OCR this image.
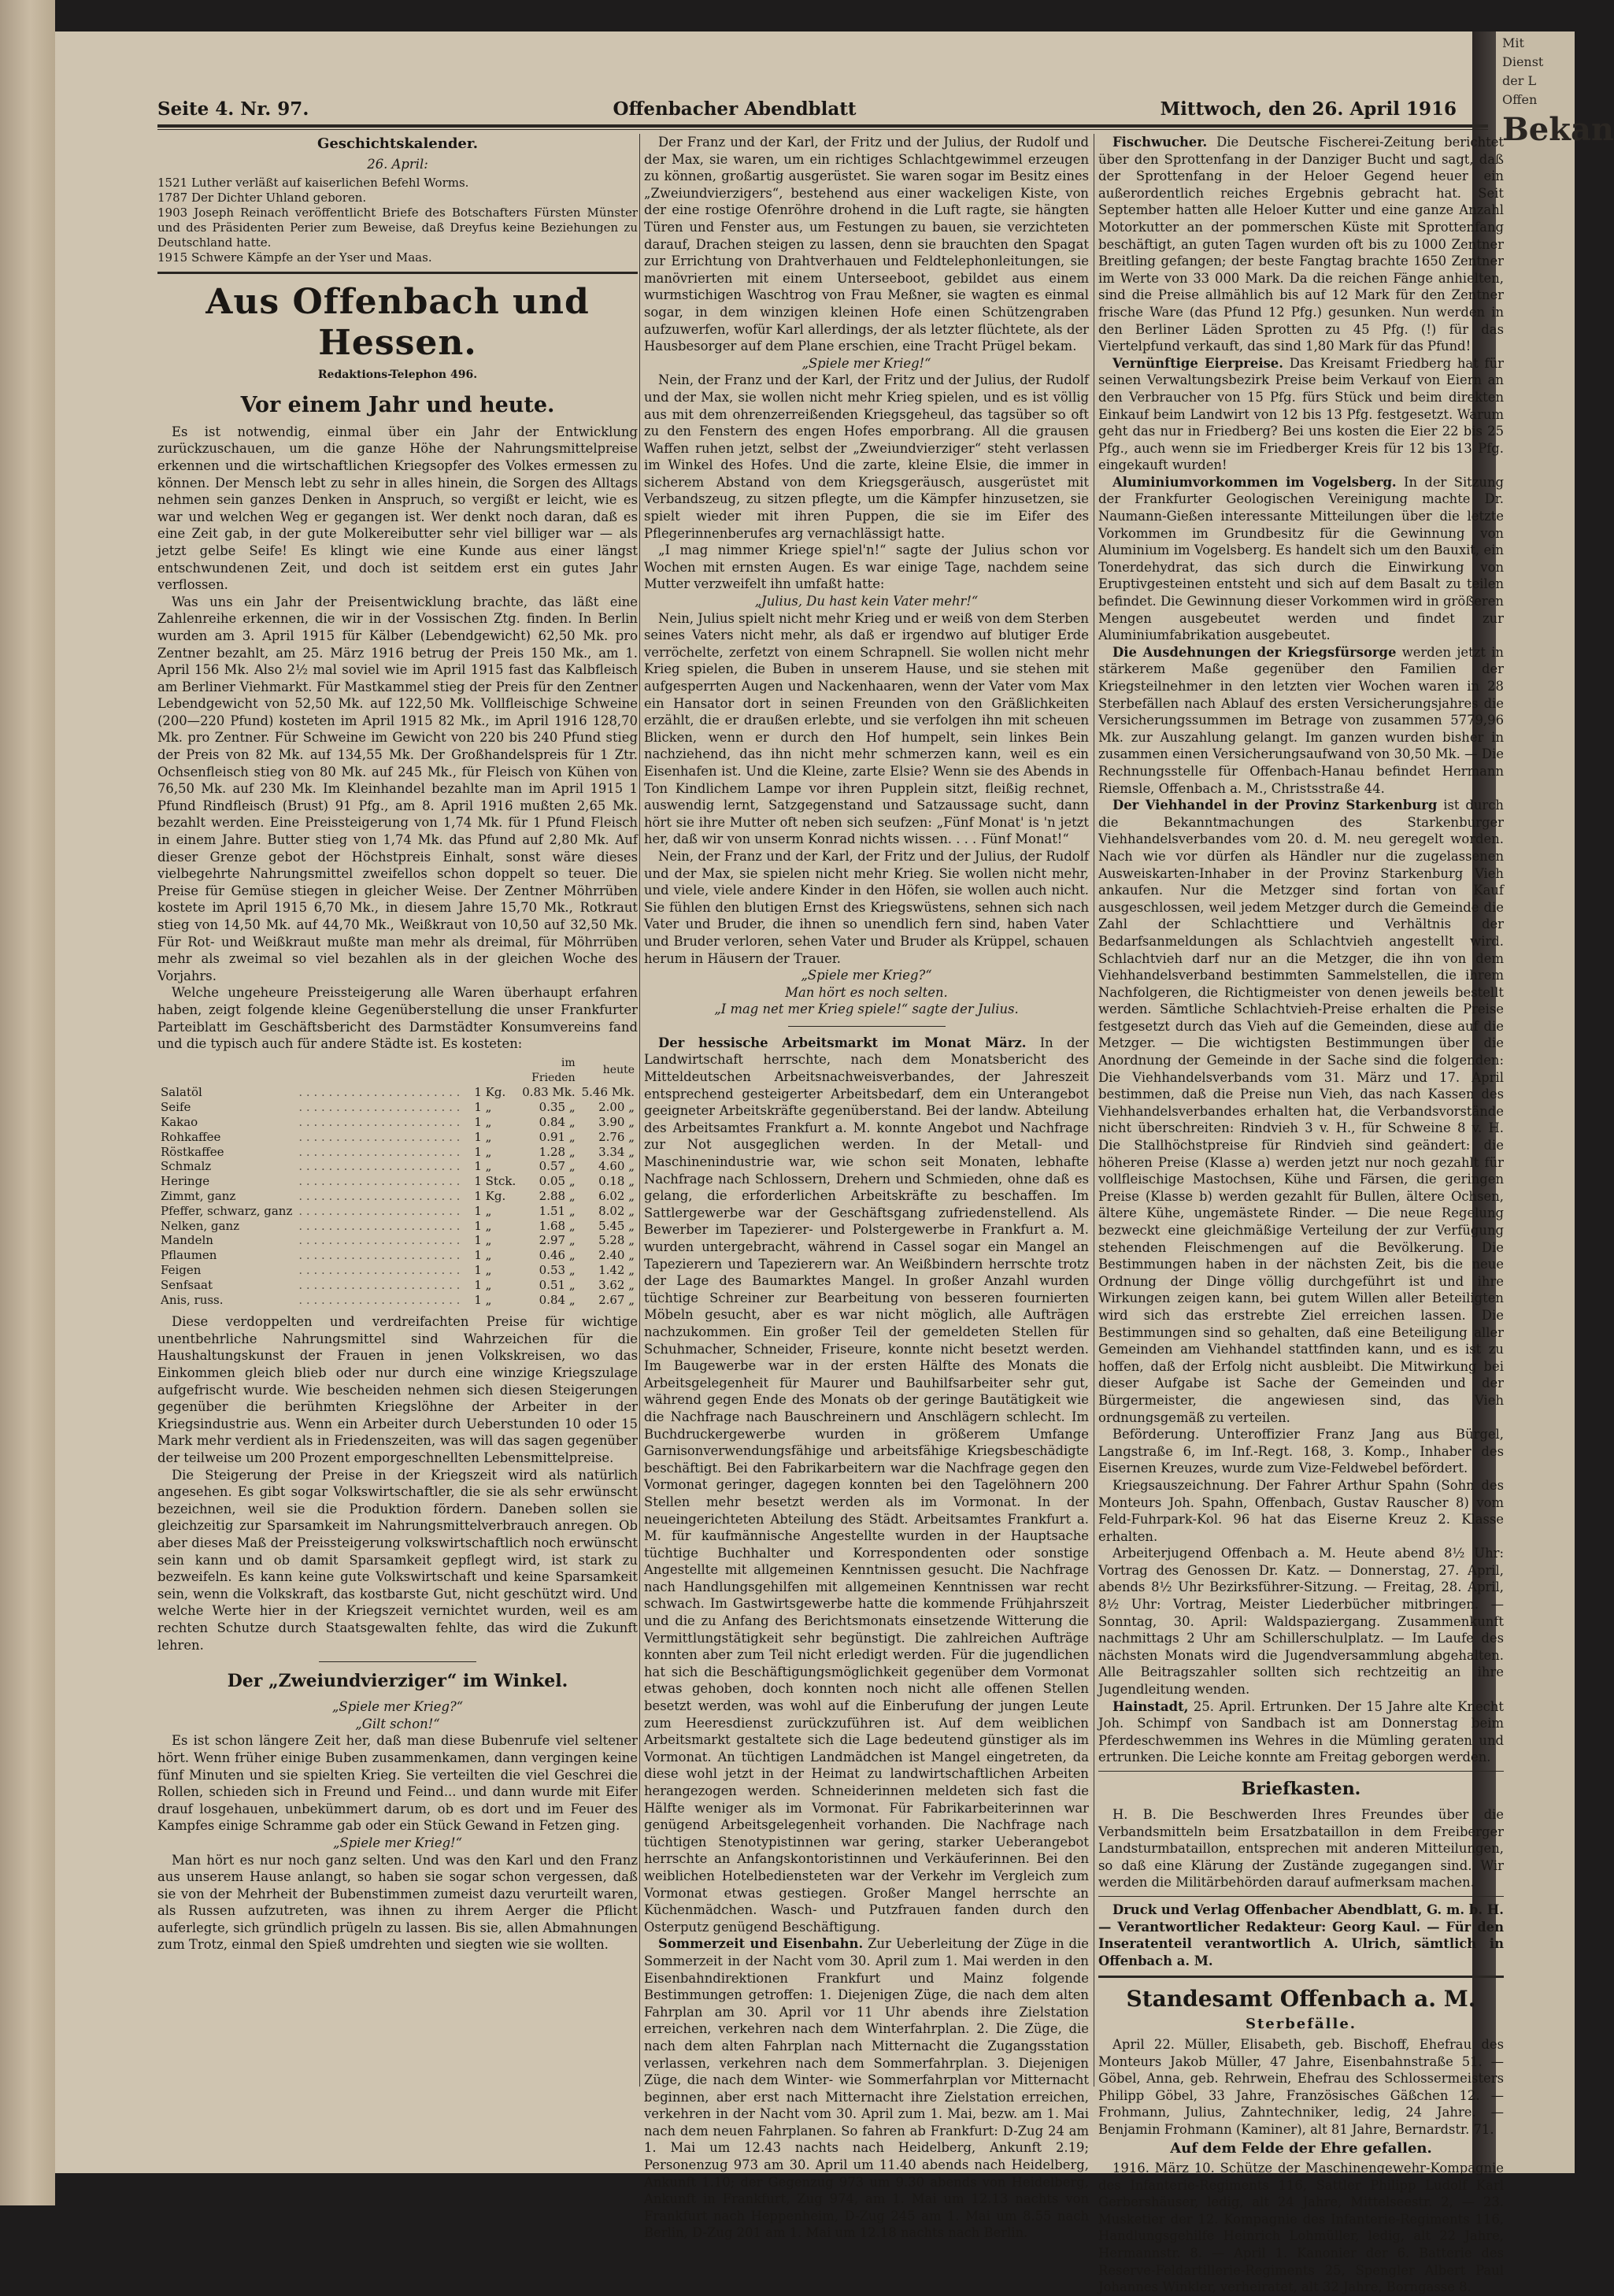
Mit
Dienst
der L
Offen
Bekan
Seite 4. Nr. 97.	Offenbacher Abendblatt	Mittwoch, den 26. April 1916
Geschichtskalender.
26. April:

1521 Luther verläßt auf kaiserlichen Befehl Worms.

1787 Der Dichter Uhland geboren.

1903 Joseph Reinach veröffentlicht Briefe des Botschafters Fürsten Münster und des Präsidenten Perier zum Beweise, daß Dreyfus keine Beziehungen zu Deutschland hatte.

1915 Schwere Kämpfe an der Yser und Maas.

Aus Offenbach und Hessen.
Redaktions-Telephon 496.
Vor einem Jahr und heute.

Es ist notwendig, einmal über ein Jahr der Entwicklung zurückzuschauen, um die ganze Höhe der Nahrungsmittelpreise erkennen und die wirtschaftlichen Kriegsopfer des Volkes ermessen zu können. Der Mensch lebt zu sehr in alles hinein, die Sorgen des Alltags nehmen sein ganzes Denken in Anspruch, so vergißt er leicht, wie es war und welchen Weg er gegangen ist. Wer denkt noch daran, daß es eine Zeit gab, in der gute Molkereibutter sehr viel billiger war — als jetzt gelbe Seife! Es klingt wie eine Kunde aus einer längst entschwundenen Zeit, und doch ist seitdem erst ein gutes Jahr verflossen.

Was uns ein Jahr der Preisentwicklung brachte, das läßt eine Zahlenreihe erkennen, die wir in der Vossischen Ztg. finden. In Berlin wurden am 3. April 1915 für Kälber (Lebendgewicht) 62,50 Mk. pro Zentner bezahlt, am 25. März 1916 betrug der Preis 150 Mk., am 1. April 156 Mk. Also 2½ mal soviel wie im April 1915 fast das Kalbfleisch am Berliner Viehmarkt. Für Mastkammel stieg der Preis für den Zentner Lebendgewicht von 52,50 Mk. auf 122,50 Mk. Vollfleischige Schweine (200—220 Pfund) kosteten im April 1915 82 Mk., im April 1916 128,70 Mk. pro Zentner. Für Schweine im Gewicht von 220 bis 240 Pfund stieg der Preis von 82 Mk. auf 134,55 Mk. Der Großhandelspreis für 1 Ztr. Ochsenfleisch stieg von 80 Mk. auf 245 Mk., für Fleisch von Kühen von 76,50 Mk. auf 230 Mk. Im Kleinhandel bezahlte man im April 1915 1 Pfund Rindfleisch (Brust) 91 Pfg., am 8. April 1916 mußten 2,65 Mk. bezahlt werden. Eine Preissteigerung von 1,74 Mk. für 1 Pfund Fleisch in einem Jahre. Butter stieg von 1,74 Mk. das Pfund auf 2,80 Mk. Auf dieser Grenze gebot der Höchstpreis Einhalt, sonst wäre dieses vielbegehrte Nahrungsmittel zweifellos schon doppelt so teuer. Die Preise für Gemüse stiegen in gleicher Weise. Der Zentner Möhrrüben kostete im April 1915 6,70 Mk., in diesem Jahre 15,70 Mk., Rotkraut stieg von 14,50 Mk. auf 44,70 Mk., Weißkraut von 10,50 auf 32,50 Mk. Für Rot- und Weißkraut mußte man mehr als dreimal, für Möhrrüben mehr als zweimal so viel bezahlen als in der gleichen Woche des Vorjahrs.

Welche ungeheure Preissteigerung alle Waren überhaupt erfahren haben, zeigt folgende kleine Gegenüberstellung die unser Frankfurter Parteiblatt im Geschäftsbericht des Darmstädter Konsumvereins fand und die typisch auch für andere Städte ist. Es kosteten:

			im Frieden	heute
Salatöl	. . . . . . . . . . . . . . . . . . . . . .	1 Kg.	0.83 Mk.	5.46 Mk.
Seife	. . . . . . . . . . . . . . . . . . . . . .	1 „	0.35 „	2.00 „
Kakao	. . . . . . . . . . . . . . . . . . . . . .	1 „	0.84 „	3.90 „
Rohkaffee	. . . . . . . . . . . . . . . . . . . . . .	1 „	0.91 „	2.76 „
Röstkaffee	. . . . . . . . . . . . . . . . . . . . . .	1 „	1.28 „	3.34 „
Schmalz	. . . . . . . . . . . . . . . . . . . . . .	1 „	0.57 „	4.60 „
Heringe	. . . . . . . . . . . . . . . . . . . . . .	1 Stck.	0.05 „	0.18 „
Zimmt, ganz	. . . . . . . . . . . . . . . . . . . . . .	1 Kg.	2.88 „	6.02 „
Pfeffer, schwarz, ganz	. . . . . . . . . . . . . . . . . . . . . .	1 „	1.51 „	8.02 „
Nelken, ganz	. . . . . . . . . . . . . . . . . . . . . .	1 „	1.68 „	5.45 „
Mandeln	. . . . . . . . . . . . . . . . . . . . . .	1 „	2.97 „	5.28 „
Pflaumen	. . . . . . . . . . . . . . . . . . . . . .	1 „	0.46 „	2.40 „
Feigen	. . . . . . . . . . . . . . . . . . . . . .	1 „	0.53 „	1.42 „
Senfsaat	. . . . . . . . . . . . . . . . . . . . . .	1 „	0.51 „	3.62 „
Anis, russ.	. . . . . . . . . . . . . . . . . . . . . .	1 „	0.84 „	2.67 „

Diese verdoppelten und verdreifachten Preise für wichtige unentbehrliche Nahrungsmittel sind Wahrzeichen für die Haushaltungskunst der Frauen in jenen Volkskreisen, wo das Einkommen gleich blieb oder nur durch eine winzige Kriegszulage aufgefrischt wurde. Wie bescheiden nehmen sich diesen Steigerungen gegenüber die berühmten Kriegslöhne der Arbeiter in der Kriegsindustrie aus. Wenn ein Arbeiter durch Ueberstunden 10 oder 15 Mark mehr verdient als in Friedenszeiten, was will das sagen gegenüber der teilweise um 200 Prozent emporgeschnellten Lebensmittelpreise.

Die Steigerung der Preise in der Kriegszeit wird als natürlich angesehen. Es gibt sogar Volkswirtschaftler, die sie als sehr erwünscht bezeichnen, weil sie die Produktion fördern. Daneben sollen sie gleichzeitig zur Sparsamkeit im Nahrungsmittelverbrauch anregen. Ob aber dieses Maß der Preissteigerung volkswirtschaftlich noch erwünscht sein kann und ob damit Sparsamkeit gepflegt wird, ist stark zu bezweifeln. Es kann keine gute Volkswirtschaft und keine Sparsamkeit sein, wenn die Volkskraft, das kostbarste Gut, nicht geschützt wird. Und welche Werte hier in der Kriegszeit vernichtet wurden, weil es am rechten Schutze durch Staatsgewalten fehlte, das wird die Zukunft lehren.

Der „Zweiundvierziger“ im Winkel.

„Spiele mer Krieg?“

„Gilt schon!“

Es ist schon längere Zeit her, daß man diese Bubenrufe viel seltener hört. Wenn früher einige Buben zusammenkamen, dann vergingen keine fünf Minuten und sie spielten Krieg. Sie verteilten die viel Geschrei die Rollen, schieden sich in Freund und Feind... und dann wurde mit Eifer drauf losgehauen, unbekümmert darum, ob es dort und im Feuer des Kampfes einige Schramme gab oder ein Stück Gewand in Fetzen ging.

„Spiele mer Krieg!“

Man hört es nur noch ganz selten. Und was den Karl und den Franz aus unserem Hause anlangt, so haben sie sogar schon vergessen, daß sie von der Mehrheit der Bubenstimmen zumeist dazu verurteilt waren, als Russen aufzutreten, was ihnen zu ihrem Aerger die Pflicht auferlegte, sich gründlich prügeln zu lassen. Bis sie, allen Abmahnungen zum Trotz, einmal den Spieß umdrehten und siegten wie sie wollten.

Der Franz und der Karl, der Fritz und der Julius, der Rudolf und der Max, sie waren, um ein richtiges Schlachtgewimmel erzeugen zu können, großartig ausgerüstet. Sie waren sogar im Besitz eines „Zweiundvierzigers“, bestehend aus einer wackeligen Kiste, von der eine rostige Ofenröhre drohend in die Luft ragte, sie hängten Türen und Fenster aus, um Festungen zu bauen, sie verzichteten darauf, Drachen steigen zu lassen, denn sie brauchten den Spagat zur Errichtung von Drahtverhauen und Feldtelephonleitungen, sie manövrierten mit einem Unterseeboot, gebildet aus einem wurmstichigen Waschtrog von Frau Meßner, sie wagten es einmal sogar, in dem winzigen kleinen Hofe einen Schützengraben aufzuwerfen, wofür Karl allerdings, der als letzter flüchtete, als der Hausbesorger auf dem Plane erschien, eine Tracht Prügel bekam.

„Spiele mer Krieg!“

Nein, der Franz und der Karl, der Fritz und der Julius, der Rudolf und der Max, sie wollen nicht mehr Krieg spielen, und es ist völlig aus mit dem ohrenzerreißenden Kriegsgeheul, das tagsüber so oft zu den Fenstern des engen Hofes emporbrang. All die grausen Waffen ruhen jetzt, selbst der „Zweiundvierziger“ steht verlassen im Winkel des Hofes. Und die zarte, kleine Elsie, die immer in sicherem Abstand von dem Kriegsgeräusch, ausgerüstet mit Verbandszeug, zu sitzen pflegte, um die Kämpfer hinzusetzen, sie spielt wieder mit ihren Puppen, die sie im Eifer des Pflegerinnenberufes arg vernachlässigt hatte.

„I mag nimmer Kriege spiel'n!“ sagte der Julius schon vor Wochen mit ernsten Augen. Es war einige Tage, nachdem seine Mutter verzweifelt ihn umfaßt hatte:

„Julius, Du hast kein Vater mehr!“

Nein, Julius spielt nicht mehr Krieg und er weiß von dem Sterben seines Vaters nicht mehr, als daß er irgendwo auf blutiger Erde verröchelte, zerfetzt von einem Schrapnell. Sie wollen nicht mehr Krieg spielen, die Buben in unserem Hause, und sie stehen mit aufgesperrten Augen und Nackenhaaren, wenn der Vater vom Max ein Hansator dort in seinen Freunden von den Gräßlichkeiten erzählt, die er draußen erlebte, und sie verfolgen ihn mit scheuen Blicken, wenn er durch den Hof humpelt, sein linkes Bein nachziehend, das ihn nicht mehr schmerzen kann, weil es ein Eisenhafen ist. Und die Kleine, zarte Elsie? Wenn sie des Abends in Ton Kindlichem Lampe vor ihren Pupplein sitzt, fleißig rechnet, auswendig lernt, Satzgegenstand und Satzaussage sucht, dann hört sie ihre Mutter oft neben sich seufzen: „Fünf Monat' is 'n jetzt her, daß wir von unserm Konrad nichts wissen. . . . Fünf Monat!“

Nein, der Franz und der Karl, der Fritz und der Julius, der Rudolf und der Max, sie spielen nicht mehr Krieg. Sie wollen nicht mehr, und viele, viele andere Kinder in den Höfen, sie wollen auch nicht. Sie fühlen den blutigen Ernst des Kriegswüstens, sehnen sich nach Vater und Bruder, die ihnen so unendlich fern sind, haben Vater und Bruder verloren, sehen Vater und Bruder als Krüppel, schauen herum in Häusern der Trauer.

„Spiele mer Krieg?“

Man hört es noch selten.

„I mag net mer Krieg spiele!“ sagte der Julius.

Der hessische Arbeitsmarkt im Monat März. In der Landwirtschaft herrschte, nach dem Monatsbericht des Mitteldeutschen Arbeitsnachweisverbandes, der Jahreszeit entsprechend gesteigerter Arbeitsbedarf, dem ein Unterangebot geeigneter Arbeitskräfte gegenüberstand. Bei der landw. Abteilung des Arbeitsamtes Frankfurt a. M. konnte Angebot und Nachfrage zur Not ausgeglichen werden. In der Metall- und Maschinenindustrie war, wie schon seit Monaten, lebhafte Nachfrage nach Schlossern, Drehern und Schmieden, ohne daß es gelang, die erforderlichen Arbeitskräfte zu beschaffen. Im Sattlergewerbe war der Geschäftsgang zufriedenstellend. Als Bewerber im Tapezierer- und Polstergewerbe in Frankfurt a. M. wurden untergebracht, während in Cassel sogar ein Mangel an Tapezierern und Tapezierern war. An Weißbindern herrschte trotz der Lage des Baumarktes Mangel. In großer Anzahl wurden tüchtige Schreiner zur Bearbeitung von besseren fournierten Möbeln gesucht, aber es war nicht möglich, alle Aufträgen nachzukommen. Ein großer Teil der gemeldeten Stellen für Schuhmacher, Schneider, Friseure, konnte nicht besetzt werden. Im Baugewerbe war in der ersten Hälfte des Monats die Arbeitsgelegenheit für Maurer und Bauhilfsarbeiter sehr gut, während gegen Ende des Monats ob der geringe Bautätigkeit wie die Nachfrage nach Bauschreinern und Anschlägern schlecht. Im Buchdruckergewerbe wurden in größerem Umfange Garnisonverwendungsfähige und arbeitsfähige Kriegsbeschädigte beschäftigt. Bei den Fabrikarbeitern war die Nachfrage gegen den Vormonat geringer, dagegen konnten bei den Tagelöhnern 200 Stellen mehr besetzt werden als im Vormonat. In der neueingerichteten Abteilung des Städt. Arbeitsamtes Frankfurt a. M. für kaufmännische Angestellte wurden in der Hauptsache tüchtige Buchhalter und Korrespondenten oder sonstige Angestellte mit allgemeinen Kenntnissen gesucht. Die Nachfrage nach Handlungsgehilfen mit allgemeinen Kenntnissen war recht schwach. Im Gastwirtsgewerbe hatte die kommende Frühjahrszeit und die zu Anfang des Berichtsmonats einsetzende Witterung die Vermittlungstätigkeit sehr begünstigt. Die zahlreichen Aufträge konnten aber zum Teil nicht erledigt werden. Für die jugendlichen hat sich die Beschäftigungsmöglichkeit gegenüber dem Vormonat etwas gehoben, doch konnten noch nicht alle offenen Stellen besetzt werden, was wohl auf die Einberufung der jungen Leute zum Heeresdienst zurückzuführen ist. Auf dem weiblichen Arbeitsmarkt gestaltete sich die Lage bedeutend günstiger als im Vormonat. An tüchtigen Landmädchen ist Mangel eingetreten, da diese wohl jetzt in der Heimat zu landwirtschaftlichen Arbeiten herangezogen werden. Schneiderinnen meldeten sich fast die Hälfte weniger als im Vormonat. Für Fabrikarbeiterinnen war genügend Arbeitsgelegenheit vorhanden. Die Nachfrage nach tüchtigen Stenotypistinnen war gering, starker Ueberangebot herrschte an Anfangskontoristinnen und Verkäuferinnen. Bei den weiblichen Hotelbediensteten war der Verkehr im Vergleich zum Vormonat etwas gestiegen. Großer Mangel herrschte an Küchenmädchen. Wasch- und Putzfrauen fanden durch den Osterputz genügend Beschäftigung.

Sommerzeit und Eisenbahn. Zur Ueberleitung der Züge in die Sommerzeit in der Nacht vom 30. April zum 1. Mai werden in den Eisenbahndirektionen Frankfurt und Mainz folgende Bestimmungen getroffen: 1. Diejenigen Züge, die nach dem alten Fahrplan am 30. April vor 11 Uhr abends ihre Zielstation erreichen, verkehren nach dem Winterfahrplan. 2. Die Züge, die nach dem alten Fahrplan nach Mitternacht die Zugangsstation verlassen, verkehren nach dem Sommerfahrplan. 3. Diejenigen Züge, die nach dem Winter- wie Sommerfahrplan vor Mitternacht beginnen, aber erst nach Mitternacht ihre Zielstation erreichen, verkehren in der Nacht vom 30. April zum 1. Mai, bezw. am 1. Mai nach dem neuen Fahrplanen. So fahren ab Frankfurt: D-Zug 24 am 1. Mai um 12.43 nachts nach Heidelberg, Ankunft 2.19; Personenzug 973 am 30. April um 11.40 abends nach Heidelberg, Ankunft 1.10; der Gegenzug 973 um 9.30 abends von Heidelberg, Ankunft in Frankfurt, Zug 974, am 1. Mai um 12.13 nachts von Frankfurt nach Heppenheim, D-Zug 245 am 1. Mai um 8.55 nach Berlin, D-Zug 201 am 1. Mai um 12.18 nachts nach Berlin.

Fischwucher. Die Deutsche Fischerei-Zeitung berichtet über den Sprottenfang in der Danziger Bucht und sagt, daß der Sprottenfang in der Heloer Gegend heuer ein außerordentlich reiches Ergebnis gebracht hat. Seit September hatten alle Heloer Kutter und eine ganze Anzahl Motorkutter an der pommerschen Küste mit Sprottenfang beschäftigt, an guten Tagen wurden oft bis zu 1000 Zentner Breitling gefangen; der beste Fangtag brachte 1650 Zentner im Werte von 33 000 Mark. Da die reichen Fänge anhielten, sind die Preise allmählich bis auf 12 Mark für den Zentner frische Ware (das Pfund 12 Pfg.) gesunken. Nun werden in den Berliner Läden Sprotten zu 45 Pfg. (!) für das Viertelpfund verkauft, das sind 1,80 Mark für das Pfund!

Vernünftige Eierpreise. Das Kreisamt Friedberg hat für seinen Verwaltungsbezirk Preise beim Verkauf von Eiern an den Verbraucher von 15 Pfg. fürs Stück und beim direkten Einkauf beim Landwirt von 12 bis 13 Pfg. festgesetzt. Warum geht das nur in Friedberg? Bei uns kosten die Eier 22 bis 25 Pfg., auch wenn sie im Friedberger Kreis für 12 bis 13 Pfg. eingekauft wurden!

Aluminiumvorkommen im Vogelsberg. In der Sitzung der Frankfurter Geologischen Vereinigung machte Dr. Naumann-Gießen interessante Mitteilungen über die letzte Vorkommen im Grundbesitz für die Gewinnung von Aluminium im Vogelsberg. Es handelt sich um den Bauxit, ein Tonerdehydrat, das sich durch die Einwirkung von Eruptivgesteinen entsteht und sich auf dem Basalt zu teilen befindet. Die Gewinnung dieser Vorkommen wird in größeren Mengen ausgebeutet werden und findet zur Aluminiumfabrikation ausgebeutet.

Die Ausdehnungen der Kriegsfürsorge werden jetzt in stärkerem Maße gegenüber den Familien der Kriegsteilnehmer in den letzten vier Wochen waren in 28 Sterbefällen nach Ablauf des ersten Versicherungsjahres die Versicherungssummen im Betrage von zusammen 5779,96 Mk. zur Auszahlung gelangt. Im ganzen wurden bisher in zusammen einen Versicherungsaufwand von 30,50 Mk. — Die Rechnungsstelle für Offenbach-Hanau befindet Hermann Riemsle, Offenbach a. M., Christsstraße 44.

Der Viehhandel in der Provinz Starkenburg ist durch die Bekanntmachungen des Starkenburger Viehhandelsverbandes vom 20. d. M. neu geregelt worden. Nach wie vor dürfen als Händler nur die zugelassenen Ausweiskarten-Inhaber in der Provinz Starkenburg Vieh ankaufen. Nur die Metzger sind fortan von Kauf ausgeschlossen, weil jedem Metzger durch die Gemeinde die Zahl der Schlachttiere und Verhältnis der Bedarfsanmeldungen als Schlachtvieh angestellt wird. Schlachtvieh darf nur an die Metzger, die ihn von dem Viehhandelsverband bestimmten Sammelstellen, die ihrem Nachfolgeren, die Richtigmeister von denen jeweils bestellt werden. Sämtliche Schlachtvieh-Preise erhalten die Preise festgesetzt durch das Vieh auf die Gemeinden, diese auf die Metzger. — Die wichtigsten Bestimmungen über die Anordnung der Gemeinde in der Sache sind die folgenden: Die Viehhandelsverbands vom 31. März und 17. April bestimmen, daß die Preise nun Vieh, das nach Kassen des Viehhandelsverbandes erhalten hat, die Verbandsvorstände nicht überschreiten: Rindvieh 3 v. H., für Schweine 8 v. H. Die Stallhöchstpreise für Rindvieh sind geändert: die höheren Preise (Klasse a) werden jetzt nur noch gezahlt für vollfleischige Mastochsen, Kühe und Färsen, die geringen Preise (Klasse b) werden gezahlt für Bullen, ältere Ochsen, ältere Kühe, ungemästete Rinder. — Die neue Regelung bezweckt eine gleichmäßige Verteilung der zur Verfügung stehenden Fleischmengen auf die Bevölkerung. Die Bestimmungen haben in der nächsten Zeit, bis die neue Ordnung der Dinge völlig durchgeführt ist und ihre Wirkungen zeigen kann, bei gutem Willen aller Beteiligten wird sich das erstrebte Ziel erreichen lassen. Die Bestimmungen sind so gehalten, daß eine Beteiligung aller Gemeinden am Viehhandel stattfinden kann, und es ist zu hoffen, daß der Erfolg nicht ausbleibt. Die Mitwirkung bei dieser Aufgabe ist Sache der Gemeinden und der Bürgermeister, die angewiesen sind, das Vieh ordnungsgemäß zu verteilen.

Beförderung. Unteroffizier Franz Jang aus Bürgel, Langstraße 6, im Inf.-Regt. 168, 3. Komp., Inhaber des Eisernen Kreuzes, wurde zum Vize-Feldwebel befördert.

Kriegsauszeichnung. Der Fahrer Arthur Spahn (Sohn des Monteurs Joh. Spahn, Offenbach, Gustav Rauscher 8) vom Feld-Fuhrpark-Kol. 96 hat das Eiserne Kreuz 2. Klasse erhalten.

Arbeiterjugend Offenbach a. M. Heute abend 8½ Uhr: Vortrag des Genossen Dr. Katz. — Donnerstag, 27. April, abends 8½ Uhr Bezirksführer-Sitzung. — Freitag, 28. April, 8½ Uhr: Vortrag, Meister Liederbücher mitbringen. — Sonntag, 30. April: Waldspaziergang. Zusammenkunft nachmittags 2 Uhr am Schillerschulplatz. — Im Laufe des nächsten Monats wird die Jugendversammlung abgehalten. Alle Beitragszahler sollten sich rechtzeitig an ihre Jugendleitung wenden.

Hainstadt, 25. April. Ertrunken. Der 15 Jahre alte Knecht Joh. Schimpf von Sandbach ist am Donnerstag beim Pferdeschwemmen ins Wehres in die Mümling geraten und ertrunken. Die Leiche konnte am Freitag geborgen werden.

Briefkasten.

H. B. Die Beschwerden Ihres Freundes über die Verbandsmitteln beim Ersatzbataillon in dem Freiberger Landsturmbataillon, entsprechen mit anderen Mitteilungen, so daß eine Klärung der Zustände zugegangen sind. Wir werden die Militärbehörden darauf aufmerksam machen.

Druck und Verlag Offenbacher Abendblatt, G. m. b. H. — Verantwortlicher Redakteur: Georg Kaul. — Für den Inseratenteil verantwortlich A. Ulrich, sämtlich in Offenbach a. M.

Standesamt Offenbach a. M.
Sterbefälle.

April 22. Müller, Elisabeth, geb. Bischoff, Ehefrau des Monteurs Jakob Müller, 47 Jahre, Eisenbahnstraße 51. — Göbel, Anna, geb. Rehrwein, Ehefrau des Schlossermeisters Philipp Göbel, 33 Jahre, Französisches Gäßchen 12. — Frohmann, Julius, Zahntechniker, ledig, 24 Jahre. — Benjamin Frohmann (Kaminer), alt 81 Jahre, Bernardstr. 71.

Auf dem Felde der Ehre gefallen.

1916. März 10. Schütze der Maschinengewehr-Kompagnie des Infanterie-Regiments 116, Sattler Philipp Ludolf Karl Gerbershäuser, ledig, alt 24 Jahre, Mittelseestr. 2, — 23. Musketier der 12. Kompagnie des Infanterie-Regiments 116, Handlungsgehilfe Heinrich Lohmüller, ledig, alt 22 Jahre, Hermannstr. 8. — April 1. Kanonier der 6. Batterie des Reserve-Feldartillerie-Regiments 25, Spengler Albert Paul Johannes Winkler, verheiratet, alt 32 Jahre, Borngasse 8.
